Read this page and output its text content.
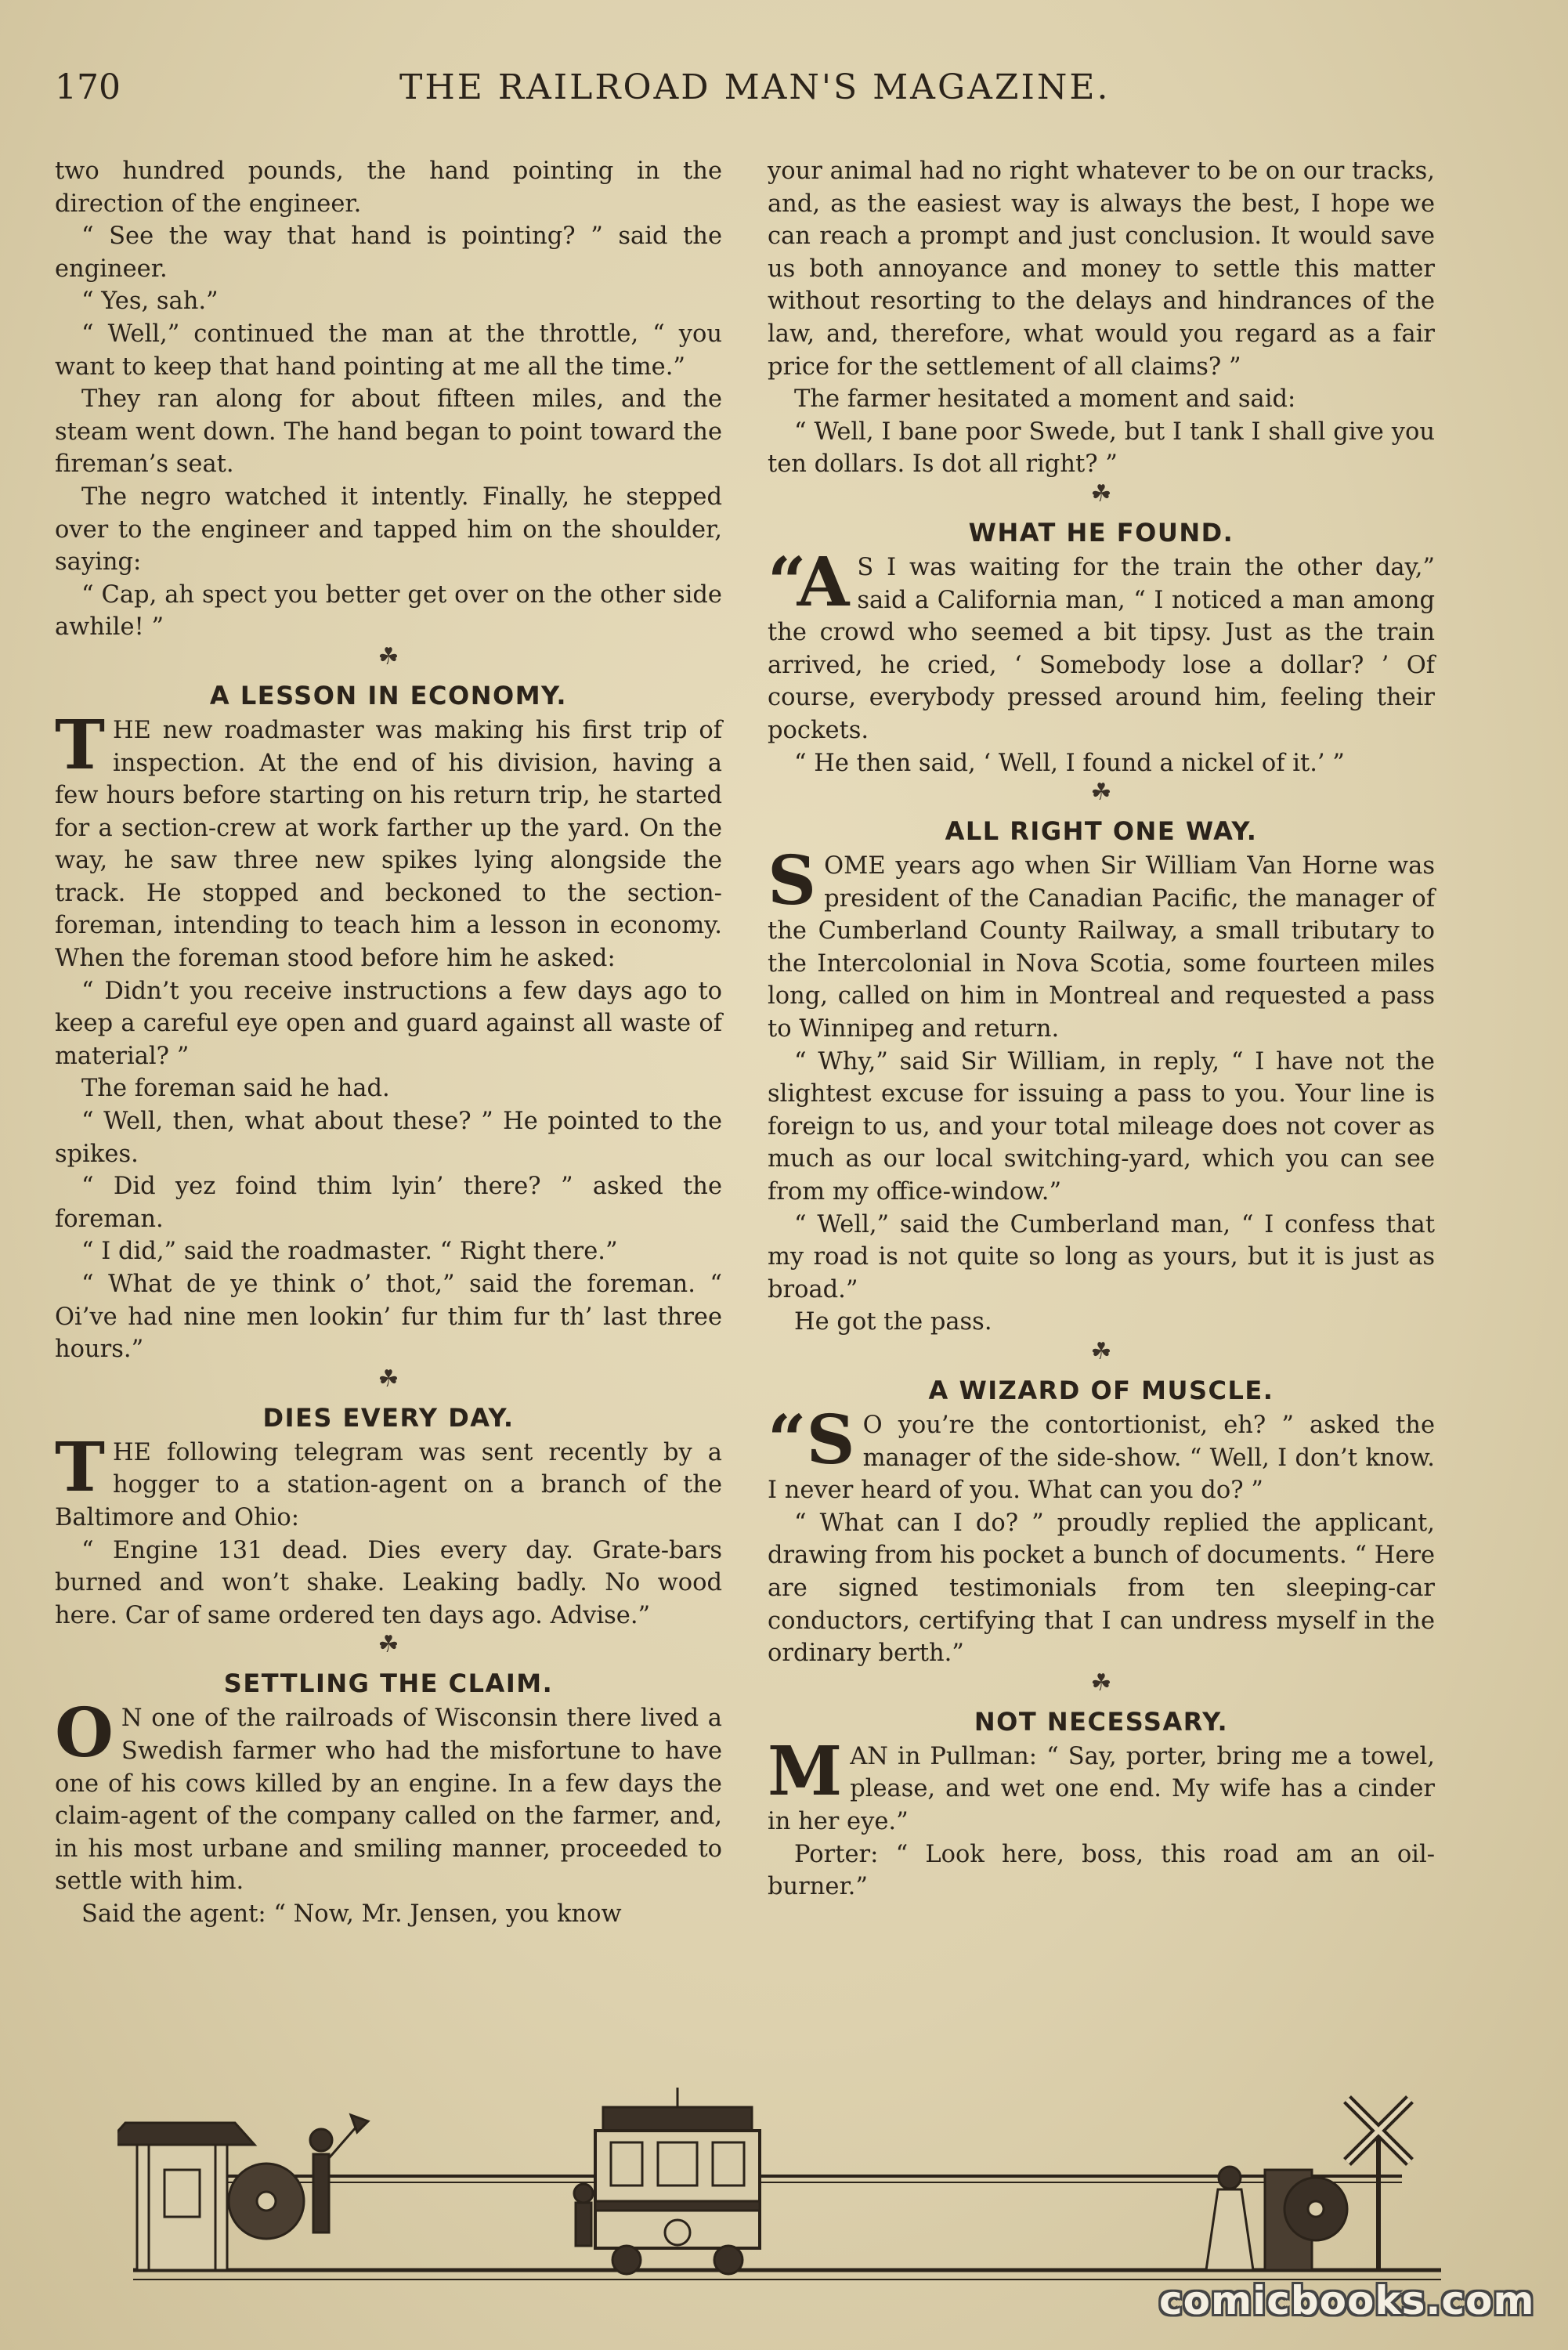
170	THE RAILROAD MAN'S MAGAZINE.

two hundred pounds, the hand pointing in the direction of the engineer.

“ See the way that hand is pointing? ” said the engineer.

“ Yes, sah.”

“ Well,” continued the man at the throttle, “ you want to keep that hand pointing at me all the time.”

They ran along for about fifteen miles, and the steam went down. The hand began to point toward the fireman’s seat.

The negro watched it intently. Finally, he stepped over to the engineer and tapped him on the shoulder, saying:

“ Cap, ah spect you better get over on the other side awhile! ”

☘
A LESSON IN ECONOMY.

THE new roadmaster was making his first trip of inspection. At the end of his division, having a few hours before starting on his return trip, he started for a section-crew at work farther up the yard. On the way, he saw three new spikes lying alongside the track. He stopped and beckoned to the section-foreman, intending to teach him a lesson in economy. When the foreman stood before him he asked:

“ Didn’t you receive instructions a few days ago to keep a careful eye open and guard against all waste of material? ”

The foreman said he had.

“ Well, then, what about these? ” He pointed to the spikes.

“ Did yez foind thim lyin’ there? ” asked the foreman.

“ I did,” said the roadmaster. “ Right there.”

“ What de ye think o’ thot,” said the foreman. “ Oi’ve had nine men lookin’ fur thim fur th’ last three hours.”

☘
DIES EVERY DAY.

THE following telegram was sent recently by a hogger to a station-agent on a branch of the Baltimore and Ohio:

“ Engine 131 dead. Dies every day. Grate-bars burned and won’t shake. Leaking badly. No wood here. Car of same ordered ten days ago. Advise.”

☘
SETTLING THE CLAIM.

O N one of the railroads of Wisconsin there lived a Swedish farmer who had the misfortune to have one of his cows killed by an engine. In a few days the claim-agent of the company called on the farmer, and, in his most urbane and smiling manner, proceeded to settle with him.

Said the agent: “ Now, Mr. Jensen, you know

your animal had no right whatever to be on our tracks, and, as the easiest way is always the best, I hope we can reach a prompt and just conclusion. It would save us both annoyance and money to settle this matter without resorting to the delays and hindrances of the law, and, therefore, what would you regard as a fair price for the settlement of all claims? ”

The farmer hesitated a moment and said:

“ Well, I bane poor Swede, but I tank I shall give you ten dollars. Is dot all right? ”

☘
WHAT HE FOUND.

“A S I was waiting for the train the other day,” said a California man, “ I noticed a man among the crowd who seemed a bit tipsy. Just as the train arrived, he cried, ‘ Somebody lose a dollar? ’ Of course, everybody pressed around him, feeling their pockets.

“ He then said, ‘ Well, I found a nickel of it.’ ”

☘
ALL RIGHT ONE WAY.

SOME years ago when Sir William Van Horne was president of the Canadian Pacific, the manager of the Cumberland County Railway, a small tributary to the Intercolonial in Nova Scotia, some fourteen miles long, called on him in Montreal and requested a pass to Winnipeg and return.

“ Why,” said Sir William, in reply, “ I have not the slightest excuse for issuing a pass to you. Your line is foreign to us, and your total mileage does not cover as much as our local switching-yard, which you can see from my office-window.”

“ Well,” said the Cumberland man, “ I confess that my road is not quite so long as yours, but it is just as broad.”

He got the pass.

☘
A WIZARD OF MUSCLE.

“S O you’re the contortionist, eh? ” asked the manager of the side-show. “ Well, I don’t know. I never heard of you. What can you do? ”

“ What can I do? ” proudly replied the applicant, drawing from his pocket a bunch of documents. “ Here are signed testimonials from ten sleeping-car conductors, certifying that I can undress myself in the ordinary berth.”

☘
NOT NECESSARY.

MAN in Pullman: “ Say, porter, bring me a towel, please, and wet one end. My wife has a cinder in her eye.”

Porter: “ Look here, boss, this road am an oil-burner.”

comicbooks.com
